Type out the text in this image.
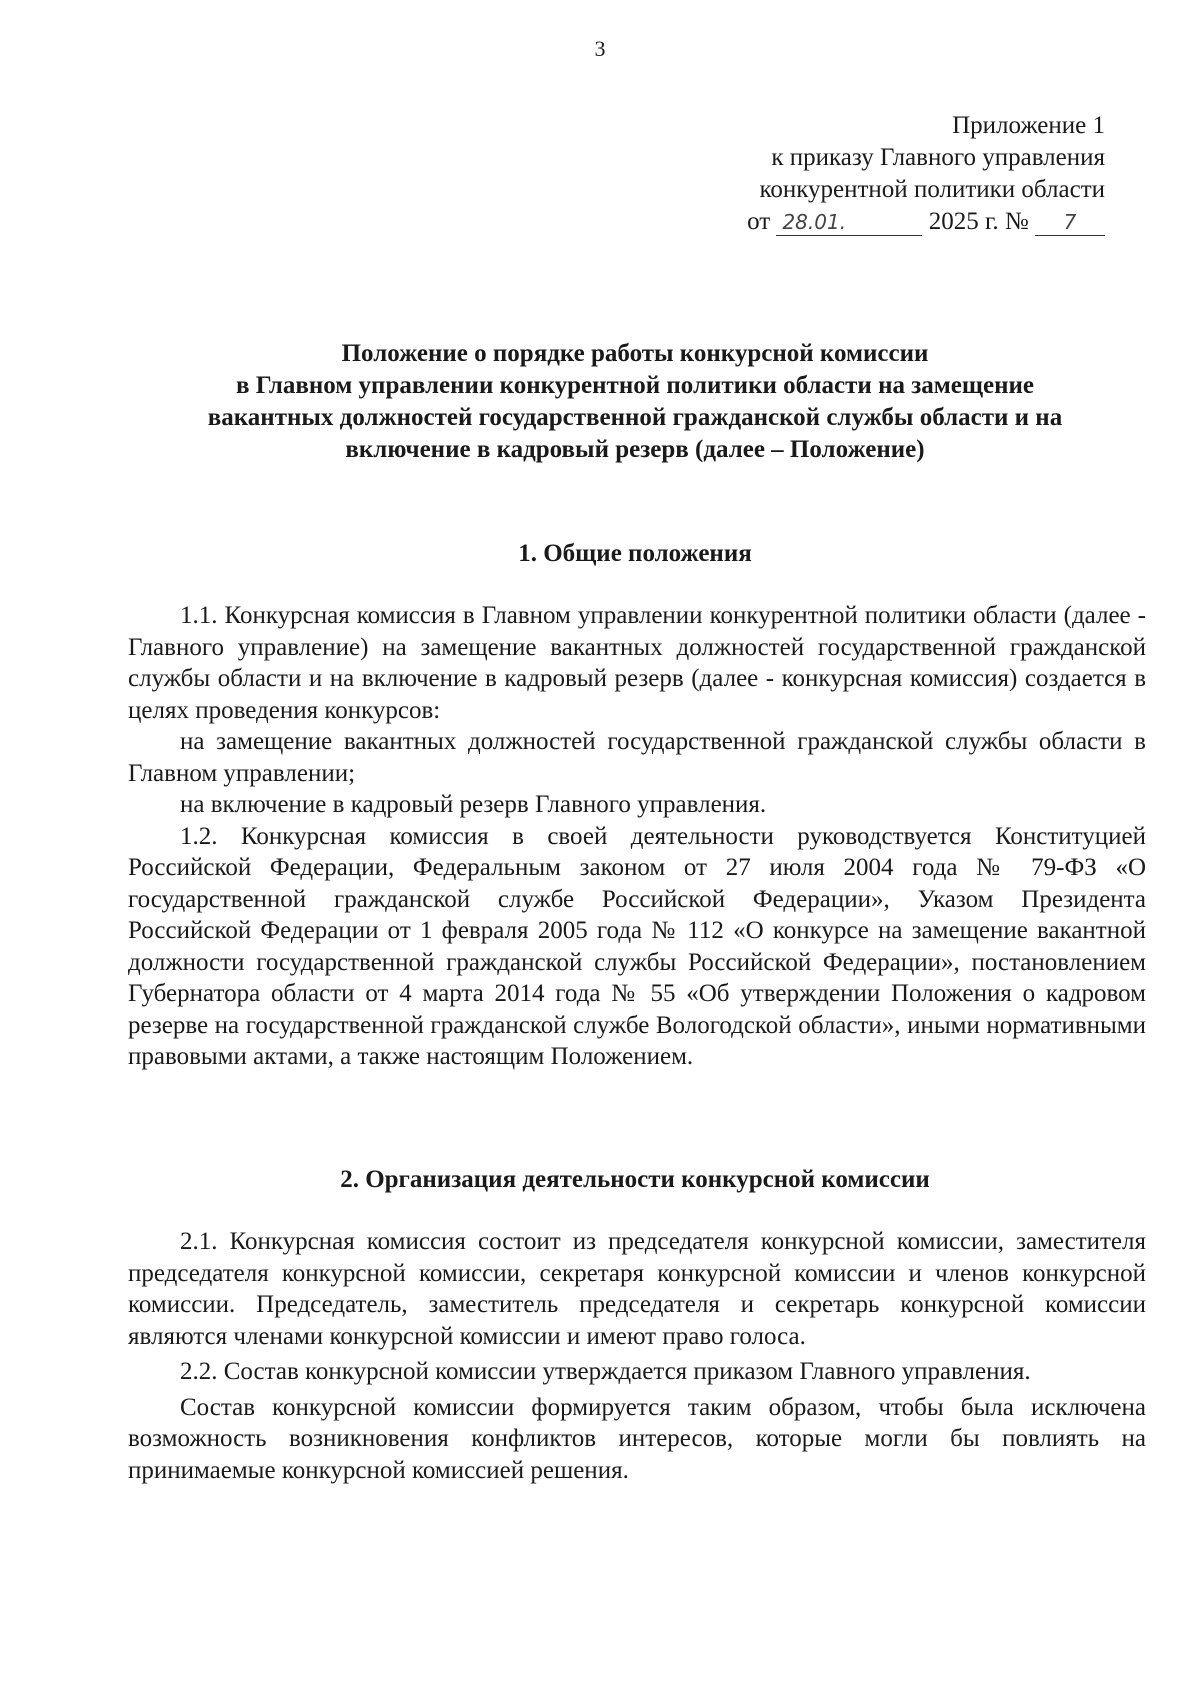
3
Приложение 1
к приказу Главного управления
конкурентной политики области
от 28.01.	2025 г. № 7
Положение о порядке работы конкурсной комиссии
в Главном управлении конкурентной политики области на замещение
вакантных должностей государственной гражданской службы области и на
включение в кадровый резерв (далее – Положение)
1. Общие положения

1.1. Конкурсная комиссия в Главном управлении конкурентной политики области (далее - Главного управление) на замещение вакантных должностей государственной гражданской службы области и на включение в кадровый резерв (далее - конкурсная комиссия) создается в целях проведения конкурсов:

на замещение вакантных должностей государственной гражданской службы области в Главном управлении;

на включение в кадровый резерв Главного управления.

1.2. Конкурсная комиссия в своей деятельности руководствуется Конституцией Российской Федерации, Федеральным законом от 27 июля 2004 года № 79-ФЗ «О государственной гражданской службе Российской Федерации», Указом Президента Российской Федерации от 1 февраля 2005 года № 112 «О конкурсе на замещение вакантной должности государственной гражданской службы Российской Федерации», постановлением Губернатора области от 4 марта 2014 года № 55 «Об утверждении Положения о кадровом резерве на государственной гражданской службе Вологодской области», иными нормативными правовыми актами, а также настоящим Положением.

2. Организация деятельности конкурсной комиссии

2.1. Конкурсная комиссия состоит из председателя конкурсной комиссии, заместителя председателя конкурсной комиссии, секретаря конкурсной комиссии и членов конкурсной комиссии. Председатель, заместитель председателя и секретарь конкурсной комиссии являются членами конкурсной комиссии и имеют право голоса.

2.2. Состав конкурсной комиссии утверждается приказом Главного управления.

Состав конкурсной комиссии формируется таким образом, чтобы была исключена возможность возникновения конфликтов интересов, которые могли бы повлиять на принимаемые конкурсной комиссией решения.
